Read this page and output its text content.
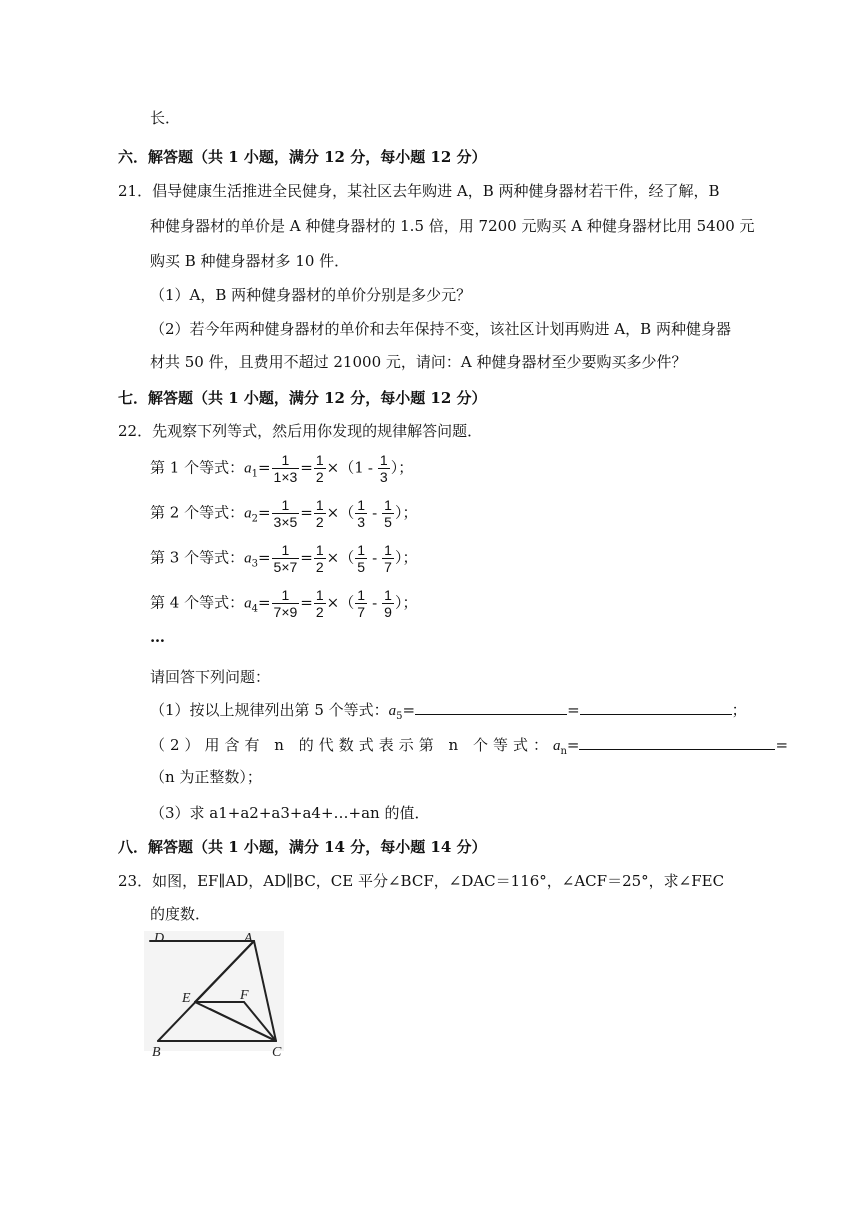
长．
六．解答题（共 1 小题，满分 12 分，每小题 12 分）
21．倡导健康生活推进全民健身，某社区去年购进 A，B 两种健身器材若干件，经了解，B
种健身器材的单价是 A 种健身器材的 1.5 倍，用 7200 元购买 A 种健身器材比用 5400 元
购买 B 种健身器材多 10 件．
（1）A，B 两种健身器材的单价分别是多少元？
（2）若今年两种健身器材的单价和去年保持不变，该社区计划再购进 A，B 两种健身器
材共 50 件，且费用不超过 21000 元，请问：A 种健身器材至少要购买多少件？
七．解答题（共 1 小题，满分 12 分，每小题 12 分）
22．先观察下列等式，然后用你发现的规律解答问题．
第 1 个等式：$a_1= \frac{1}{1\times 3} = \frac{1}{2} \times(1 - \frac{1}{3}$ ）；
第 2 个等式：$a_2= \frac{1}{3\times 5} = \frac{1}{2}$ ×（ $\frac{1}{3} - \frac{1}{5}$ ）；
第 3 个等式：$a_3= \frac{1}{5\times 7} = \frac{1}{2}$ ×（ $\frac{1}{5} - \frac{1}{7}$ ）；
第 4 个等式：$a_4= \frac{1}{7\times 9} = \frac{1}{2}$ ×（ $\frac{1}{7} - \frac{1}{9}$ ）；
…
请回答下列问题：
（1）按以上规律列出第 5 个等式：$a_5=$	=	；
（2）用含有 n 的代数式表示第 n 个等式：$a_n=$	=
（n 为正整数）；
（3）求 a1+a2+a3+a4+…+an 的值．
八．解答题（共 1 小题，满分 14 分，每小题 14 分）
23．如图，EF∥AD，AD∥BC，CE 平分∠BCF，∠DAC＝116°，∠ACF＝25°，求∠FEC
的度数．
D	A
E	F
B	C
